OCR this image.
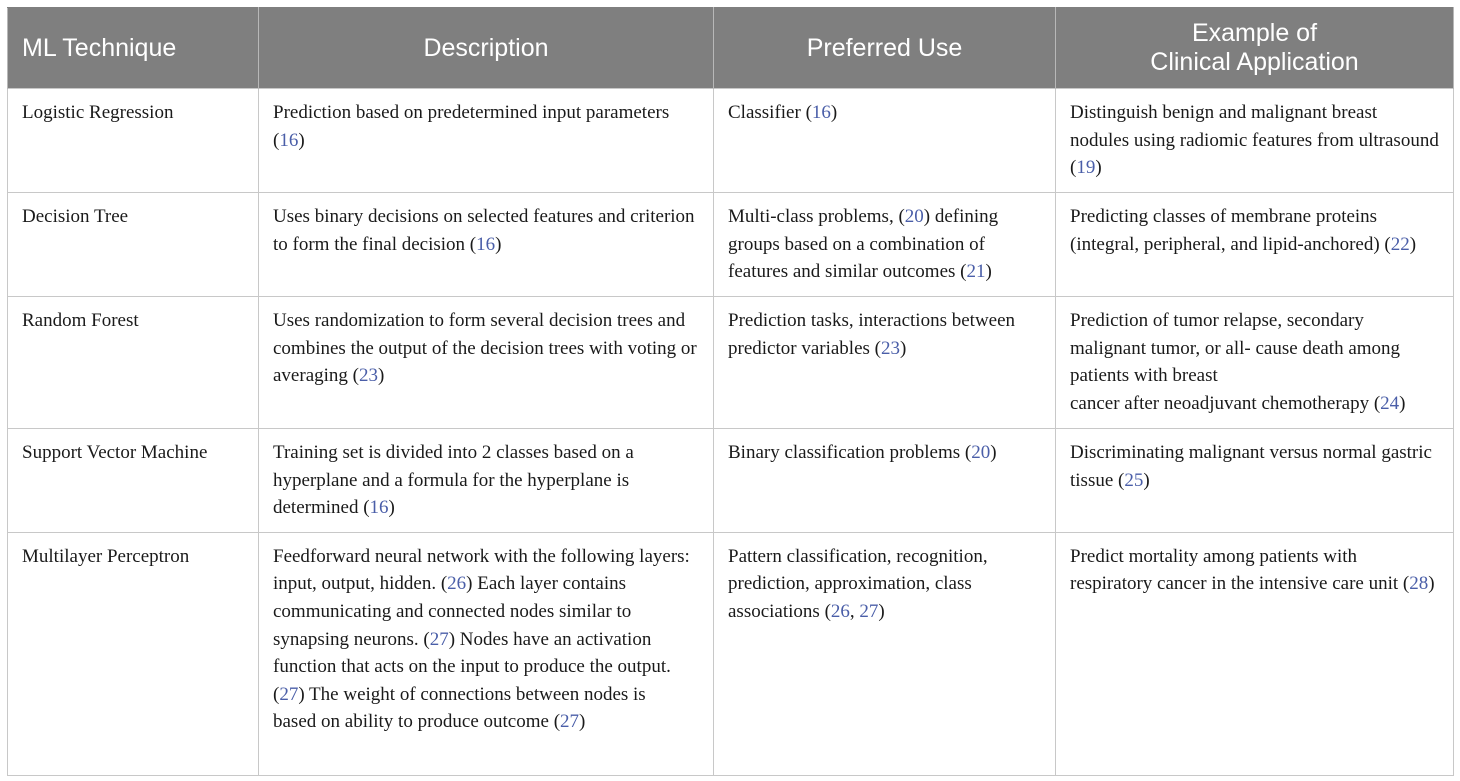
ML Technique	Description	Preferred Use	Example of
Clinical Application

Logistic Regression	Prediction based on predetermined input parameters (16)	Classifier (16)	Distinguish benign and malignant breast nodules using radiomic features from ultrasound (19)
Decision Tree	Uses binary decisions on selected features and criterion to form the final decision (16)	Multi-class problems, (20) defining groups based on a combination of features and similar outcomes (21)	Predicting classes of membrane proteins (integral, peripheral, and lipid-anchored) (22)
Random Forest	Uses randomization to form several decision trees and combines the output of the decision trees with voting or averaging (23)	Prediction tasks, interactions between predictor variables (23)	Prediction of tumor relapse, secondary malignant tumor, or all- cause death among patients with breast
cancer after neoadjuvant chemotherapy (24)
Support Vector Machine	Training set is divided into 2 classes based on a hyperplane and a formula for the hyperplane is determined (16)	Binary classification problems (20)	Discriminating malignant versus normal gastric tissue (25)
Multilayer Perceptron	Feedforward neural network with the following layers: input, output, hidden. (26) Each layer contains communicating and connected nodes similar to synapsing neurons. (27) Nodes have an activation function that acts on the input to produce the output. (27) The weight of connections between nodes is
based on ability to produce outcome (27)	Pattern classification, recognition, prediction, approximation, class associations (26, 27)	Predict mortality among patients with respiratory cancer in the intensive care unit (28)
